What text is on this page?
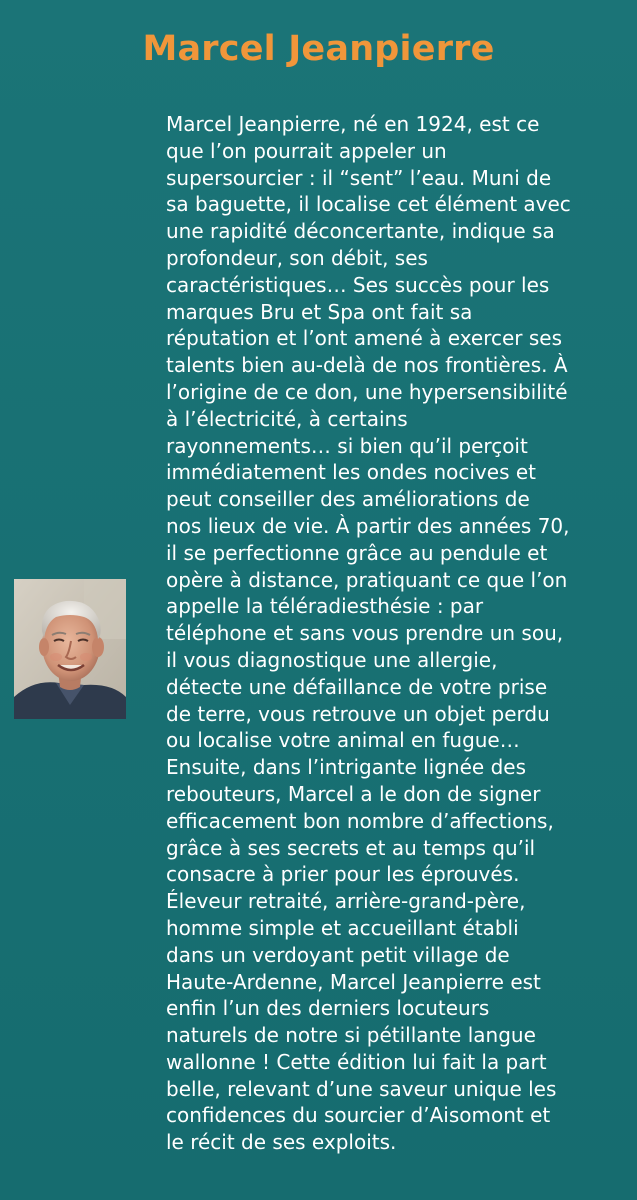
Marcel Jeanpierre
Marcel Jeanpierre, né en 1924, est ce
que l’on pourrait appeler un
supersourcier : il “sent” l’eau. Muni de
sa baguette, il localise cet élément avec
une rapidité déconcertante, indique sa
profondeur, son débit, ses
caractéristiques… Ses succès pour les
marques Bru et Spa ont fait sa
réputation et l’ont amené à exercer ses
talents bien au-delà de nos frontières. À
l’origine de ce don, une hypersensibilité
à l’électricité, à certains
rayonnements… si bien qu’il perçoit
immédiatement les ondes nocives et
peut conseiller des améliorations de
nos lieux de vie. À partir des années 70,
il se perfectionne grâce au pendule et
opère à distance, pratiquant ce que l’on
appelle la téléradiesthésie : par
téléphone et sans vous prendre un sou,
il vous diagnostique une allergie,
détecte une défaillance de votre prise
de terre, vous retrouve un objet perdu
ou localise votre animal en fugue…
Ensuite, dans l’intrigante lignée des
rebouteurs, Marcel a le don de signer
efficacement bon nombre d’affections,
grâce à ses secrets et au temps qu’il
consacre à prier pour les éprouvés.
Éleveur retraité, arrière-grand-père,
homme simple et accueillant établi
dans un verdoyant petit village de
Haute-Ardenne, Marcel Jeanpierre est
enfin l’un des derniers locuteurs
naturels de notre si pétillante langue
wallonne ! Cette édition lui fait la part
belle, relevant d’une saveur unique les
confidences du sourcier d’Aisomont et
le récit de ses exploits.
